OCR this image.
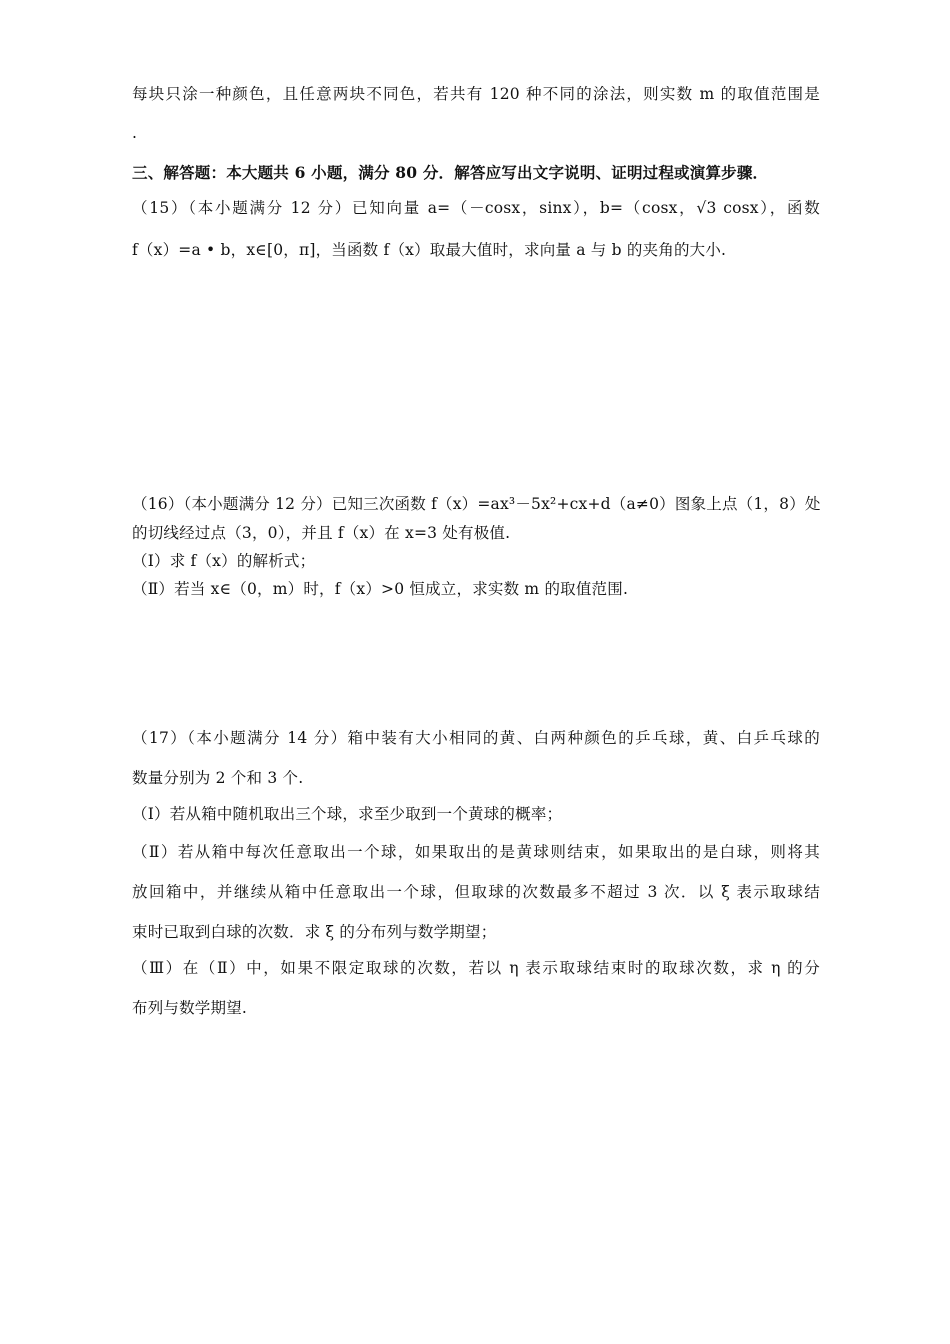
每块只涂一种颜色，且任意两块不同色，若共有 120 种不同的涂法，则实数 m 的取值范围是
.
三、解答题：本大题共 6 小题，满分 80 分．解答应写出文字说明、证明过程或演算步骤．
（15）（本小题满分 12 分）已知向量 a=（－cosx，sinx），b=（cosx，√3 cosx），函数
f（x）=a • b，x∈[0，π]，当函数 f（x）取最大值时，求向量 a 与 b 的夹角的大小.
（16）（本小题满分 12 分）已知三次函数 f（x）=ax³－5x²+cx+d（a≠0）图象上点（1，8）处
的切线经过点（3，0），并且 f（x）在 x=3 处有极值.
（Ⅰ）求 f（x）的解析式；
（Ⅱ）若当 x∈（0，m）时，f（x）>0 恒成立，求实数 m 的取值范围.
（17）（本小题满分 14 分）箱中装有大小相同的黄、白两种颜色的乒乓球，黄、白乒乓球的
数量分别为 2 个和 3 个.
（Ⅰ）若从箱中随机取出三个球，求至少取到一个黄球的概率；
（Ⅱ）若从箱中每次任意取出一个球，如果取出的是黄球则结束，如果取出的是白球，则将其
放回箱中，并继续从箱中任意取出一个球，但取球的次数最多不超过 3 次．以 ξ 表示取球结
束时已取到白球的次数．求 ξ 的分布列与数学期望；
（Ⅲ）在（Ⅱ）中，如果不限定取球的次数，若以 η 表示取球结束时的取球次数，求 η 的分
布列与数学期望.
